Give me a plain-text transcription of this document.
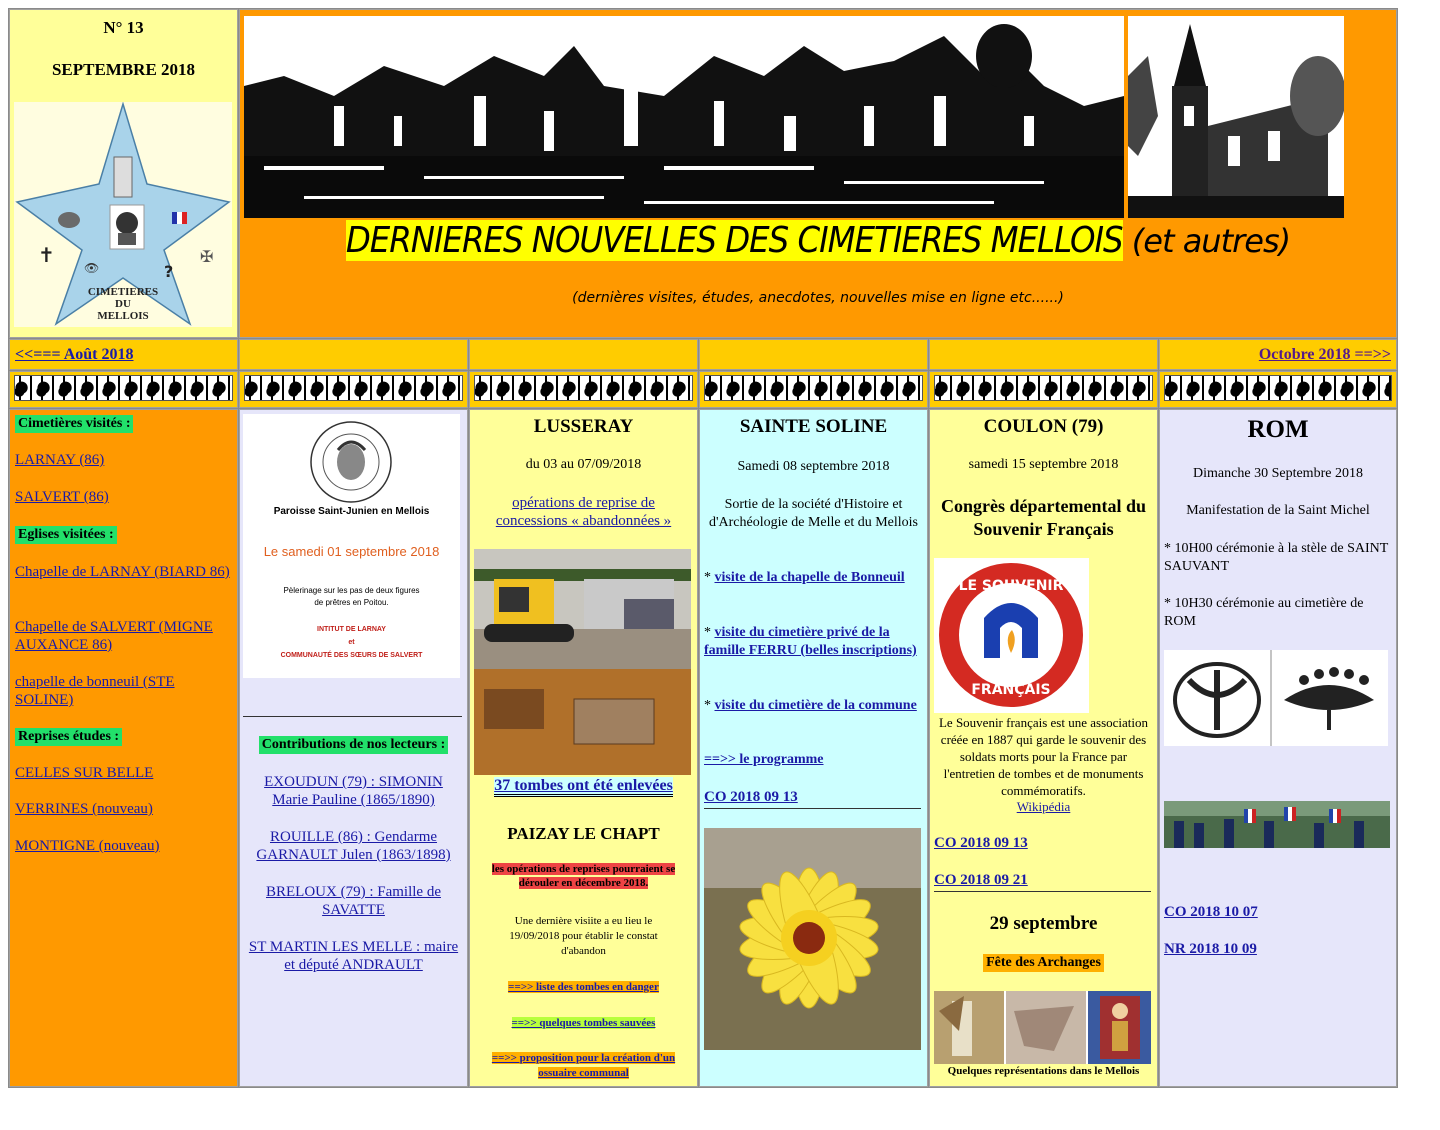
N° 13
SEPTEMBRE 2018
✝	✠
👁	?
CIMETIERES
DU
MELLOIS
DERNIERES NOUVELLES DES CIMETIERES MELLOIS (et autres)
(dernières visites, études, anecdotes, nouvelles mise en ligne etc......)
<<=== Août 2018	Octobre 2018 ==>>
Cimetières visités :
LARNAY (86)
SALVERT (86)
Eglises visitées :
Chapelle de LARNAY (BIARD 86)
Chapelle de SALVERT (MIGNE AUXANCE 86)
chapelle de bonneuil (STE SOLINE)
Reprises études :
CELLES SUR BELLE
VERRINES (nouveau)
MONTIGNE (nouveau)
Paroisse Saint-Junien en Mellois
Le samedi 01 septembre 2018
Pèlerinage sur les pas de deux figures
de prêtres en Poitou.
INTITUT DE LARNAY
et
COMMUNAUTÉ DES SŒURS DE SALVERT
Contributions de nos lecteurs :
EXOUDUN (79) : SIMONIN Marie Pauline (1865/1890)
ROUILLE (86) : Gendarme GARNAULT Julen (1863/1898)
BRELOUX (79) : Famille de SAVATTE
ST MARTIN LES MELLE : maire et député ANDRAULT
LUSSERAY
du 03 au 07/09/2018
opérations de reprise de concessions « abandonnées »
37 tombes ont été enlevées
PAIZAY LE CHAPT
les opérations de reprises pourraient se dérouler en décembre 2018.
Une dernière visiite a eu lieu le 19/09/2018 pour établir le constat d'abandon
==>> liste des tombes en danger
==>> quelques tombes sauvées
==>> proposition pour la création d'un ossuaire communal
SAINTE SOLINE
Samedi 08 septembre 2018
Sortie de la société d'Histoire et d'Archéologie de Melle et du Mellois
* visite de la chapelle de Bonneuil
* visite du cimetière privé de la famille FERRU (belles inscriptions)
* visite du cimetière de la commune
==>> le programme
CO 2018 09 13
COULON (79)
samedi 15 septembre 2018
Congrès départemental du Souvenir Français
LE SOUVENIR
FRANÇAIS
Le Souvenir français est une association créée en 1887 qui garde le souvenir des soldats morts pour la France par l'entretien de tombes et de monuments commémoratifs.
Wikipédia
CO 2018 09 13
CO 2018 09 21
29 septembre
Fête des Archanges
Quelques représentations dans le Mellois
ROM
Dimanche 30 Septembre 2018
Manifestation de la Saint Michel
* 10H00 cérémonie à la stèle de SAINT SAUVANT
* 10H30 cérémonie au cimetière de ROM
CO 2018 10 07
NR 2018 10 09
